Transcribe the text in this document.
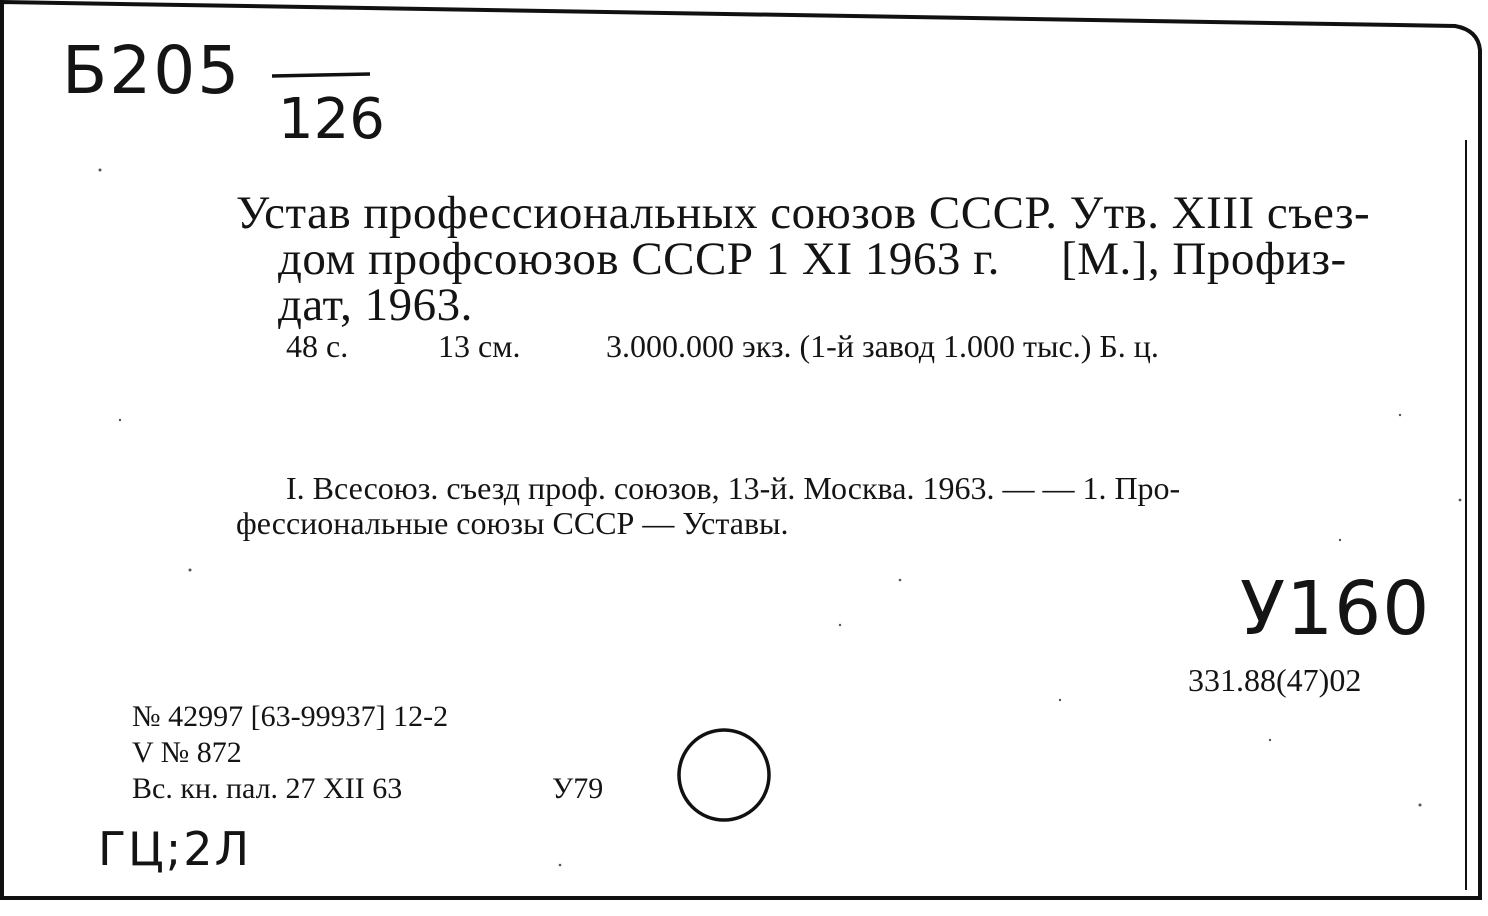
Б205
126
Устав профессиональных союзов СССР. Утв. XIII съез-
дом профсоюзов СССР 1 XI 1963 г.     [М.], Профиз-
дат, 1963.
48 с.	13 см.	3.000.000 экз. (1-й завод 1.000 тыс.) Б. ц.
I. Всесоюз. съезд проф. союзов, 13-й. Москва. 1963. — — 1. Про-
фессиональные союзы СССР — Уставы.
У160
331.88(47)02
№ 42997 [63-99937] 12-2
V № 872
Вс. кн. пал. 27 XII 63	У79
ГЦ;2Л
